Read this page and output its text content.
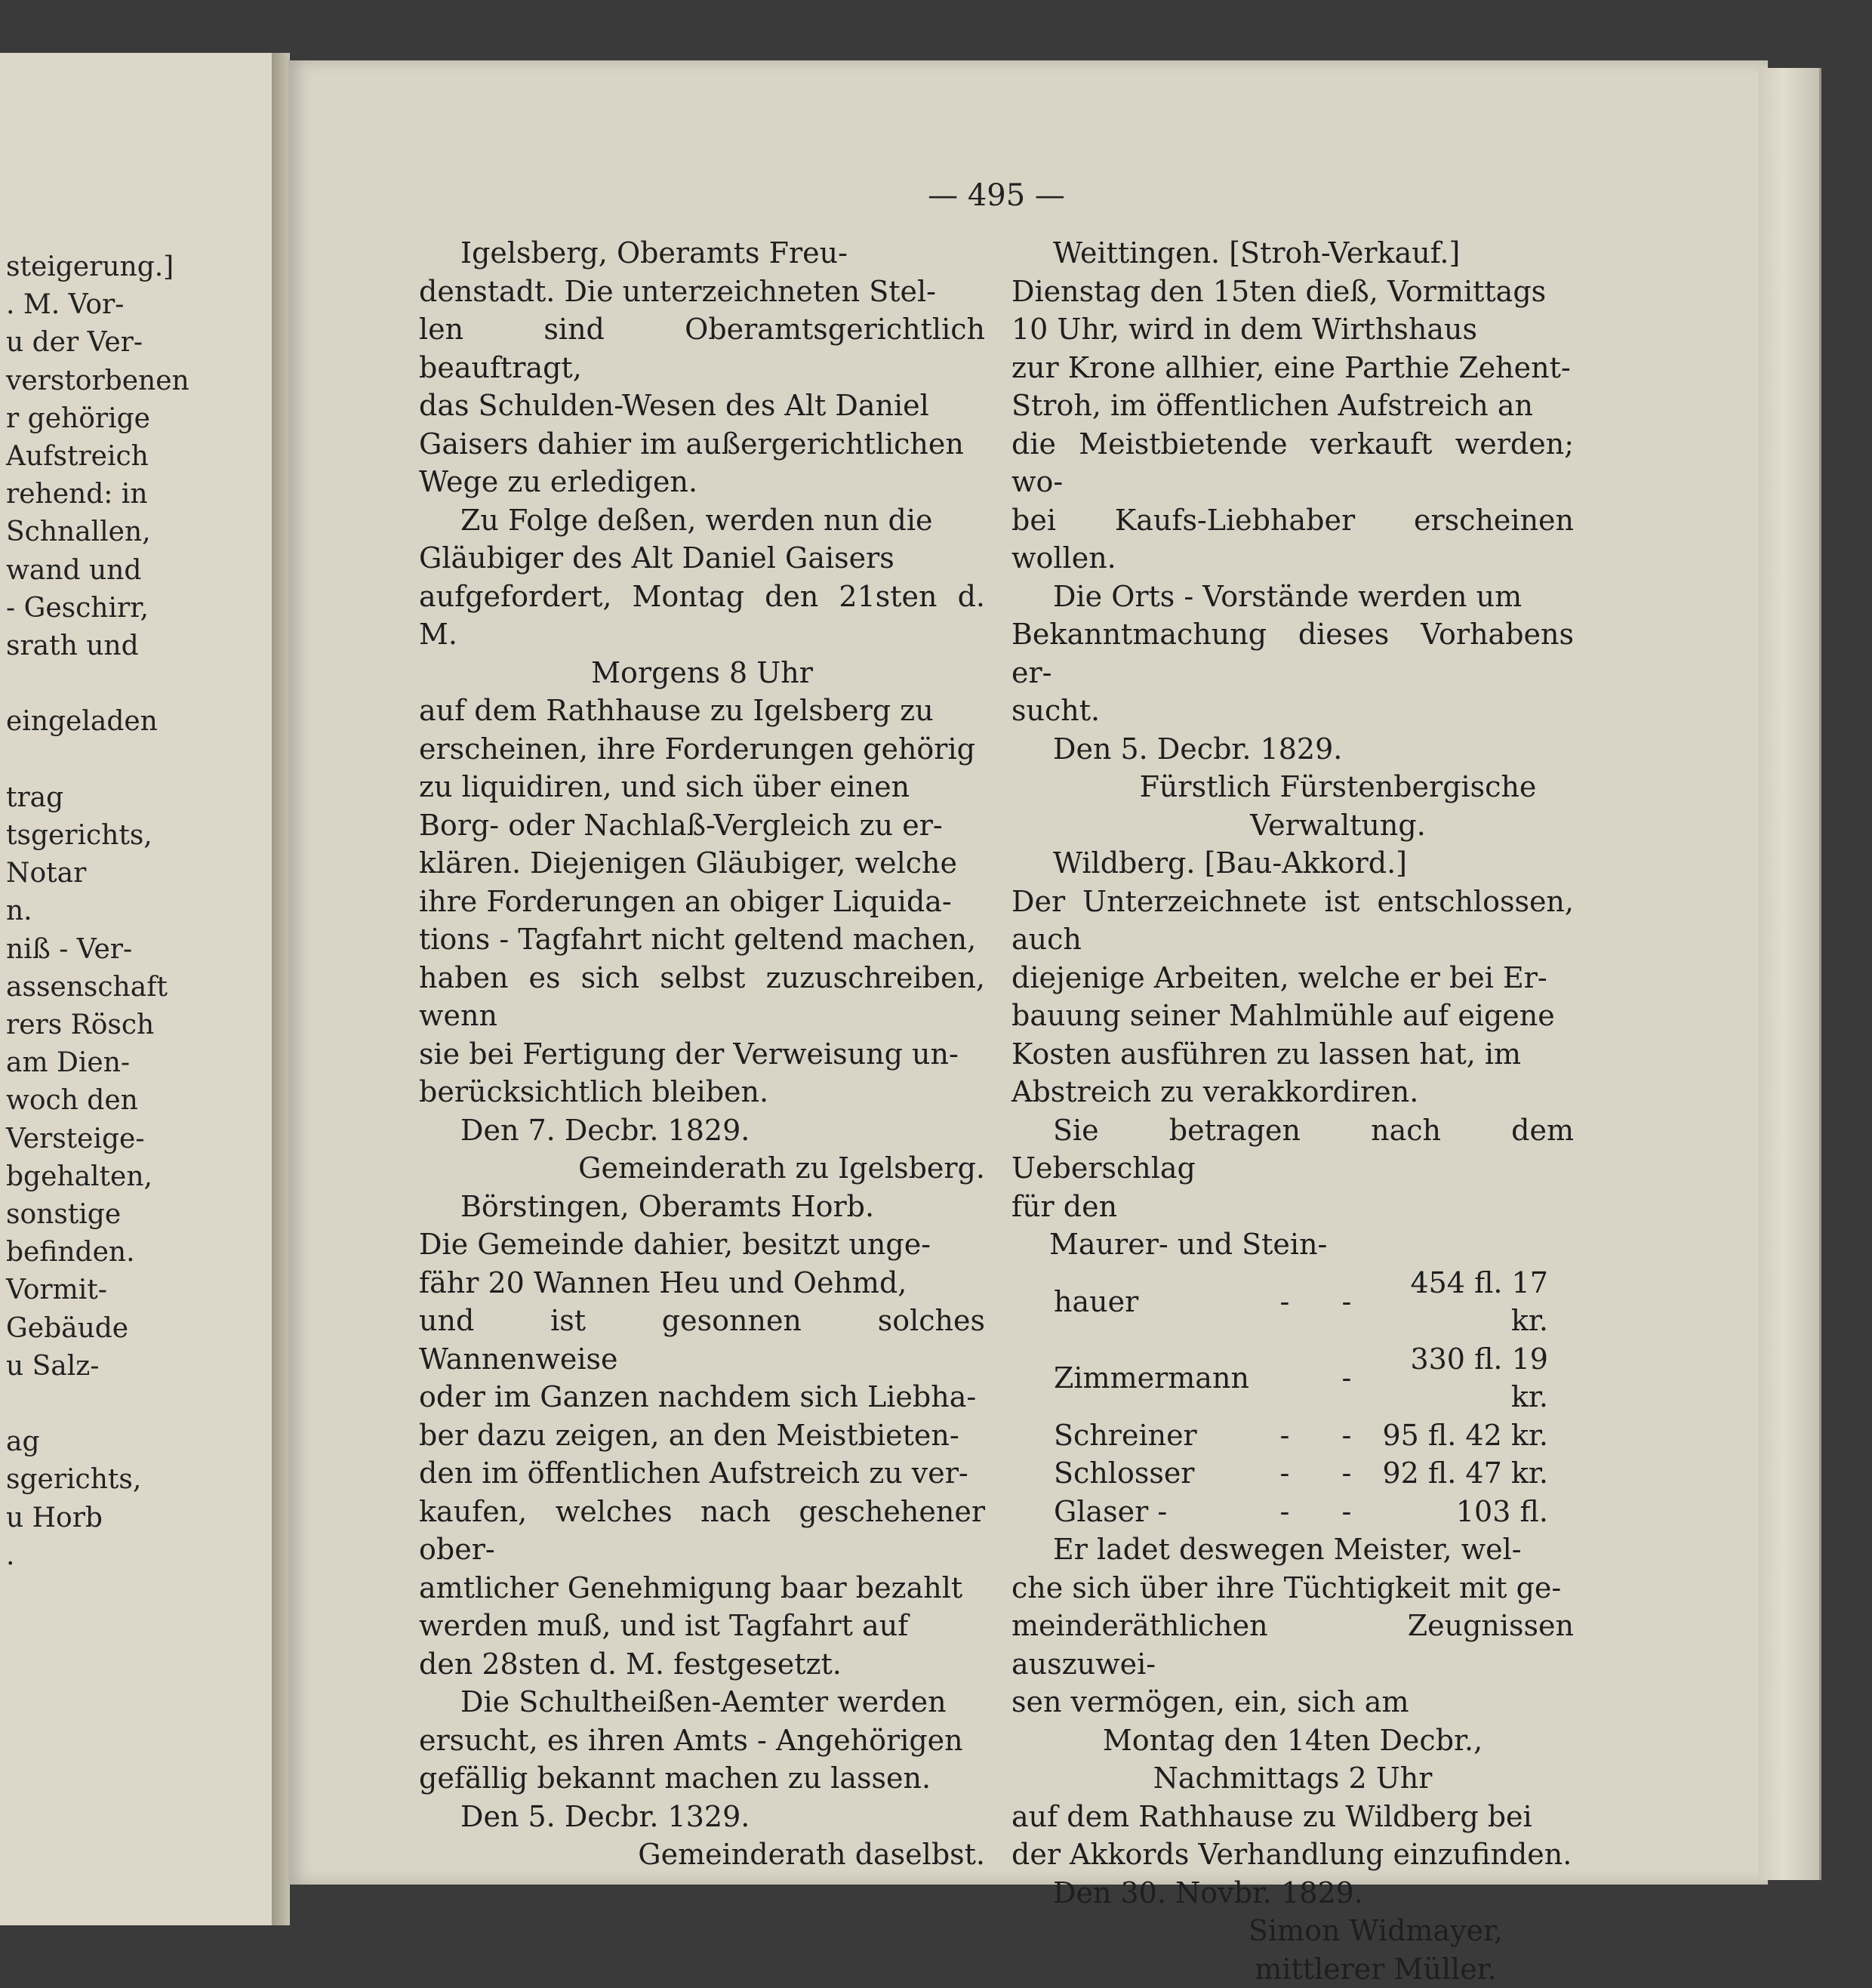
steigerung.]
. M. Vor-
u der Ver-
verstorbenen
r gehörige
Aufstreich
rehend: in
Schnallen,
wand und
- Geschirr,
srath und
eingeladen
trag
tsgerichts,
Notar
n.
niß - Ver-
assenschaft
rers Rösch
am Dien-
woch den
Versteige-
bgehalten,
sonstige
befinden.
Vormit-
Gebäude
u Salz-
ag
sgerichts,
u Horb
.
— 495 —

Igelsberg, Oberamts Freu-

denstadt. Die unterzeichneten Stel-

len sind Oberamtsgerichtlich beauftragt,

das Schulden-Wesen des Alt Daniel

Gaisers dahier im außergerichtlichen

Wege zu erledigen.

Zu Folge deßen, werden nun die

Gläubiger des Alt Daniel Gaisers

aufgefordert, Montag den 21sten d. M.

Morgens 8 Uhr

auf dem Rathhause zu Igelsberg zu

erscheinen, ihre Forderungen gehörig

zu liquidiren, und sich über einen

Borg- oder Nachlaß-Vergleich zu er-

klären. Diejenigen Gläubiger, welche

ihre Forderungen an obiger Liquida-

tions - Tagfahrt nicht geltend machen,

haben es sich selbst zuzuschreiben, wenn

sie bei Fertigung der Verweisung un-

berücksichtlich bleiben.

Den 7. Decbr. 1829.

Gemeinderath zu Igelsberg.

Börstingen, Oberamts Horb.

Die Gemeinde dahier, besitzt unge-

fähr 20 Wannen Heu und Oehmd,

und ist gesonnen solches Wannenweise

oder im Ganzen nachdem sich Liebha-

ber dazu zeigen, an den Meistbieten-

den im öffentlichen Aufstreich zu ver-

kaufen, welches nach geschehener ober-

amtlicher Genehmigung baar bezahlt

werden muß, und ist Tagfahrt auf

den 28sten d. M. festgesetzt.

Die Schultheißen-Aemter werden

ersucht, es ihren Amts - Angehörigen

gefällig bekannt machen zu lassen.

Den 5. Decbr. 1329.

Gemeinderath daselbst.

Weittingen. [Stroh-Verkauf.]

Dienstag den 15ten dieß, Vormittags

10 Uhr, wird in dem Wirthshaus

zur Krone allhier, eine Parthie Zehent-

Stroh, im öffentlichen Aufstreich an

die Meistbietende verkauft werden; wo-

bei Kaufs-Liebhaber erscheinen wollen.

Die Orts - Vorstände werden um

Bekanntmachung dieses Vorhabens er-

sucht.

Den 5. Decbr. 1829.

Fürstlich Fürstenbergische

Verwaltung.

Wildberg. [Bau-Akkord.]

Der Unterzeichnete ist entschlossen, auch

diejenige Arbeiten, welche er bei Er-

bauung seiner Mahlmühle auf eigene

Kosten ausführen zu lassen hat, im

Abstreich zu verakkordiren.

Sie betragen nach dem Ueberschlag

für den

Maurer- und Stein-

hauer	-	-	454 fl. 17 kr.
Zimmermann		-	330 fl. 19 kr.
Schreiner	-	-	95 fl. 42 kr.
Schlosser	-	-	92 fl. 47 kr.
Glaser -	-	-	103 fl.

Er ladet deswegen Meister, wel-

che sich über ihre Tüchtigkeit mit ge-

meinderäthlichen Zeugnissen auszuwei-

sen vermögen, ein, sich am

Montag den 14ten Decbr.,

Nachmittags 2 Uhr

auf dem Rathhause zu Wildberg bei

der Akkords Verhandlung einzufinden.

Den 30. Novbr. 1829.

Simon Widmayer,

mittlerer Müller.
